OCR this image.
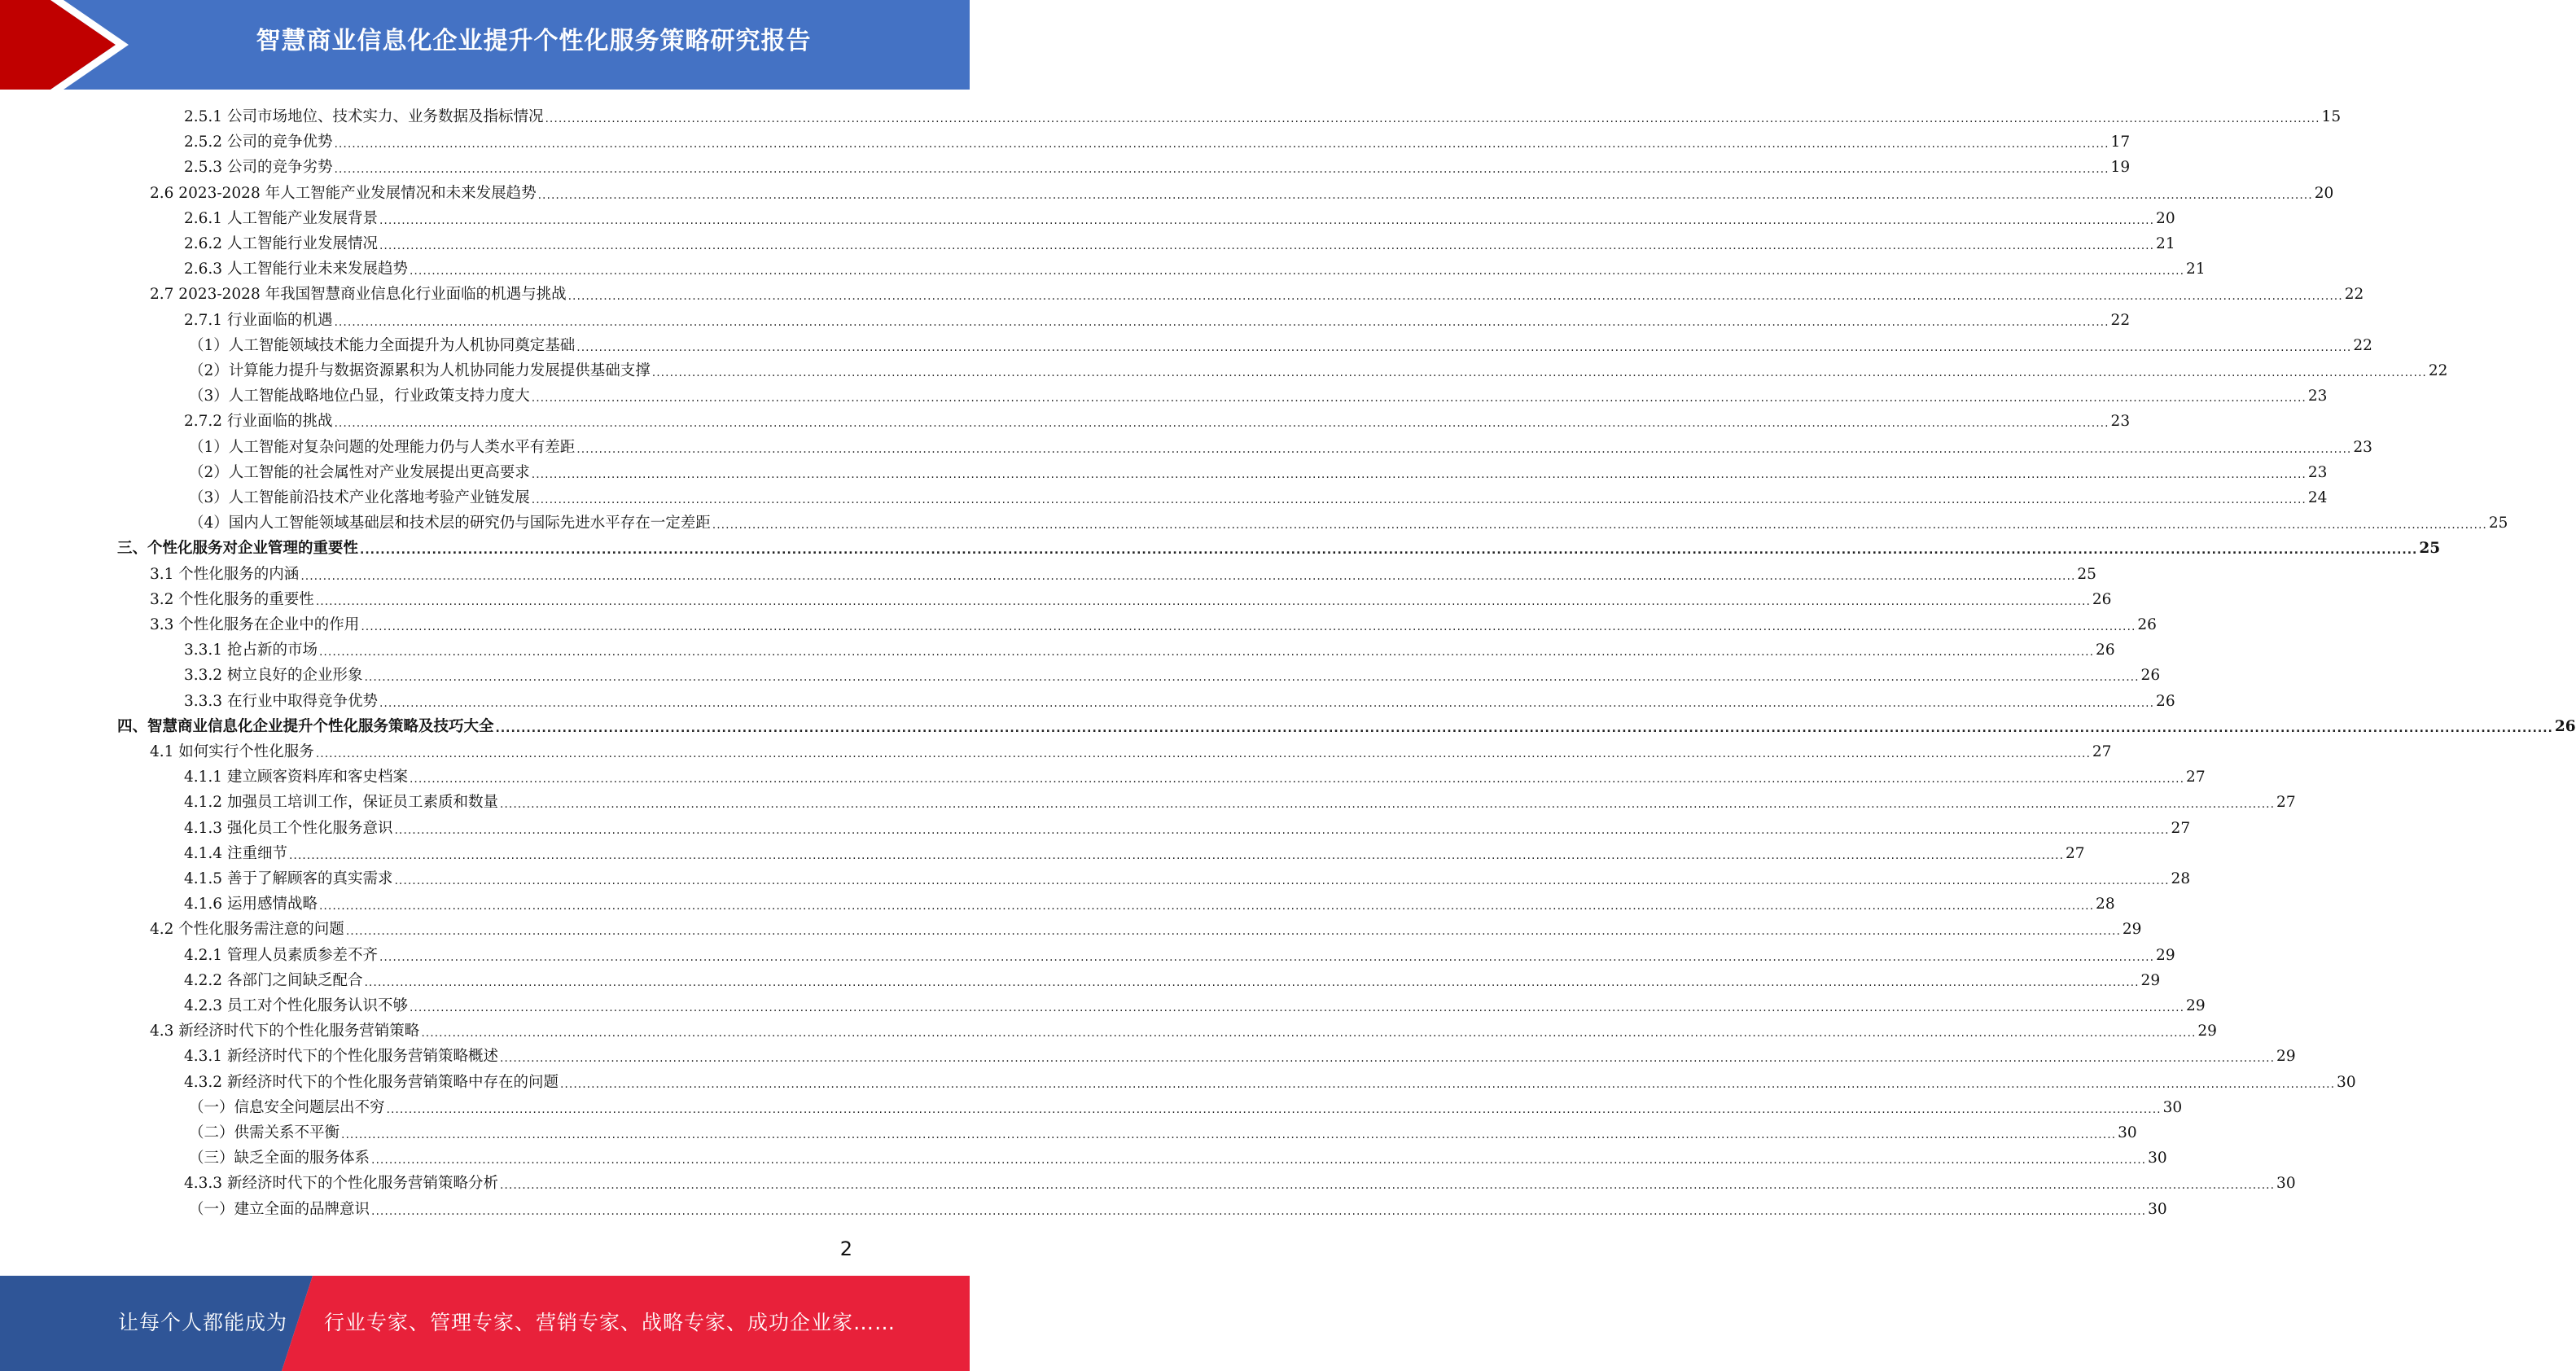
智慧商业信息化企业提升个性化服务策略研究报告
2.5.1 公司市场地位、技术实力、业务数据及指标情况 ................................................................................................................................................................................................................................................................................................................................................................................................................ 15
2.5.2 公司的竞争优势 ................................................................................................................................................................................................................................................................................................................................................................................................................ 17
2.5.3 公司的竞争劣势 ................................................................................................................................................................................................................................................................................................................................................................................................................ 19
2.6 2023-2028 年人工智能产业发展情况和未来发展趋势 ................................................................................................................................................................................................................................................................................................................................................................................................................ 20
2.6.1 人工智能产业发展背景 ................................................................................................................................................................................................................................................................................................................................................................................................................ 20
2.6.2 人工智能行业发展情况 ................................................................................................................................................................................................................................................................................................................................................................................................................ 21
2.6.3 人工智能行业未来发展趋势 ................................................................................................................................................................................................................................................................................................................................................................................................................ 21
2.7 2023-2028 年我国智慧商业信息化行业面临的机遇与挑战 ................................................................................................................................................................................................................................................................................................................................................................................................................ 22
2.7.1 行业面临的机遇 ................................................................................................................................................................................................................................................................................................................................................................................................................ 22
（1）人工智能领域技术能力全面提升为人机协同奠定基础 ................................................................................................................................................................................................................................................................................................................................................................................................................ 22
（2）计算能力提升与数据资源累积为人机协同能力发展提供基础支撑 ................................................................................................................................................................................................................................................................................................................................................................................................................ 22
（3）人工智能战略地位凸显，行业政策支持力度大 ................................................................................................................................................................................................................................................................................................................................................................................................................ 23
2.7.2 行业面临的挑战 ................................................................................................................................................................................................................................................................................................................................................................................................................ 23
（1）人工智能对复杂问题的处理能力仍与人类水平有差距 ................................................................................................................................................................................................................................................................................................................................................................................................................ 23
（2）人工智能的社会属性对产业发展提出更高要求 ................................................................................................................................................................................................................................................................................................................................................................................................................ 23
（3）人工智能前沿技术产业化落地考验产业链发展 ................................................................................................................................................................................................................................................................................................................................................................................................................ 24
（4）国内人工智能领域基础层和技术层的研究仍与国际先进水平存在一定差距 ................................................................................................................................................................................................................................................................................................................................................................................................................ 25
三、个性化服务对企业管理的重要性 ................................................................................................................................................................................................................................................................................................................................................................................................................ 25
3.1 个性化服务的内涵 ................................................................................................................................................................................................................................................................................................................................................................................................................ 25
3.2 个性化服务的重要性 ................................................................................................................................................................................................................................................................................................................................................................................................................ 26
3.3 个性化服务在企业中的作用 ................................................................................................................................................................................................................................................................................................................................................................................................................ 26
3.3.1 抢占新的市场 ................................................................................................................................................................................................................................................................................................................................................................................................................ 26
3.3.2 树立良好的企业形象 ................................................................................................................................................................................................................................................................................................................................................................................................................ 26
3.3.3 在行业中取得竞争优势 ................................................................................................................................................................................................................................................................................................................................................................................................................ 26
四、智慧商业信息化企业提升个性化服务策略及技巧大全 ................................................................................................................................................................................................................................................................................................................................................................................................................ 26
4.1 如何实行个性化服务 ................................................................................................................................................................................................................................................................................................................................................................................................................ 27
4.1.1 建立顾客资料库和客史档案 ................................................................................................................................................................................................................................................................................................................................................................................................................ 27
4.1.2 加强员工培训工作，保证员工素质和数量 ................................................................................................................................................................................................................................................................................................................................................................................................................ 27
4.1.3 强化员工个性化服务意识 ................................................................................................................................................................................................................................................................................................................................................................................................................ 27
4.1.4 注重细节 ................................................................................................................................................................................................................................................................................................................................................................................................................ 27
4.1.5 善于了解顾客的真实需求 ................................................................................................................................................................................................................................................................................................................................................................................................................ 28
4.1.6 运用感情战略 ................................................................................................................................................................................................................................................................................................................................................................................................................ 28
4.2 个性化服务需注意的问题 ................................................................................................................................................................................................................................................................................................................................................................................................................ 29
4.2.1 管理人员素质参差不齐 ................................................................................................................................................................................................................................................................................................................................................................................................................ 29
4.2.2 各部门之间缺乏配合 ................................................................................................................................................................................................................................................................................................................................................................................................................ 29
4.2.3 员工对个性化服务认识不够 ................................................................................................................................................................................................................................................................................................................................................................................................................ 29
4.3 新经济时代下的个性化服务营销策略 ................................................................................................................................................................................................................................................................................................................................................................................................................ 29
4.3.1 新经济时代下的个性化服务营销策略概述 ................................................................................................................................................................................................................................................................................................................................................................................................................ 29
4.3.2 新经济时代下的个性化服务营销策略中存在的问题 ................................................................................................................................................................................................................................................................................................................................................................................................................ 30
（一）信息安全问题层出不穷 ................................................................................................................................................................................................................................................................................................................................................................................................................ 30
（二）供需关系不平衡 ................................................................................................................................................................................................................................................................................................................................................................................................................ 30
（三）缺乏全面的服务体系 ................................................................................................................................................................................................................................................................................................................................................................................................................ 30
4.3.3 新经济时代下的个性化服务营销策略分析 ................................................................................................................................................................................................................................................................................................................................................................................................................ 30
（一）建立全面的品牌意识 ................................................................................................................................................................................................................................................................................................................................................................................................................ 30
2
让每个人都能成为 行业专家、管理专家、营销专家、战略专家、成功企业家……
